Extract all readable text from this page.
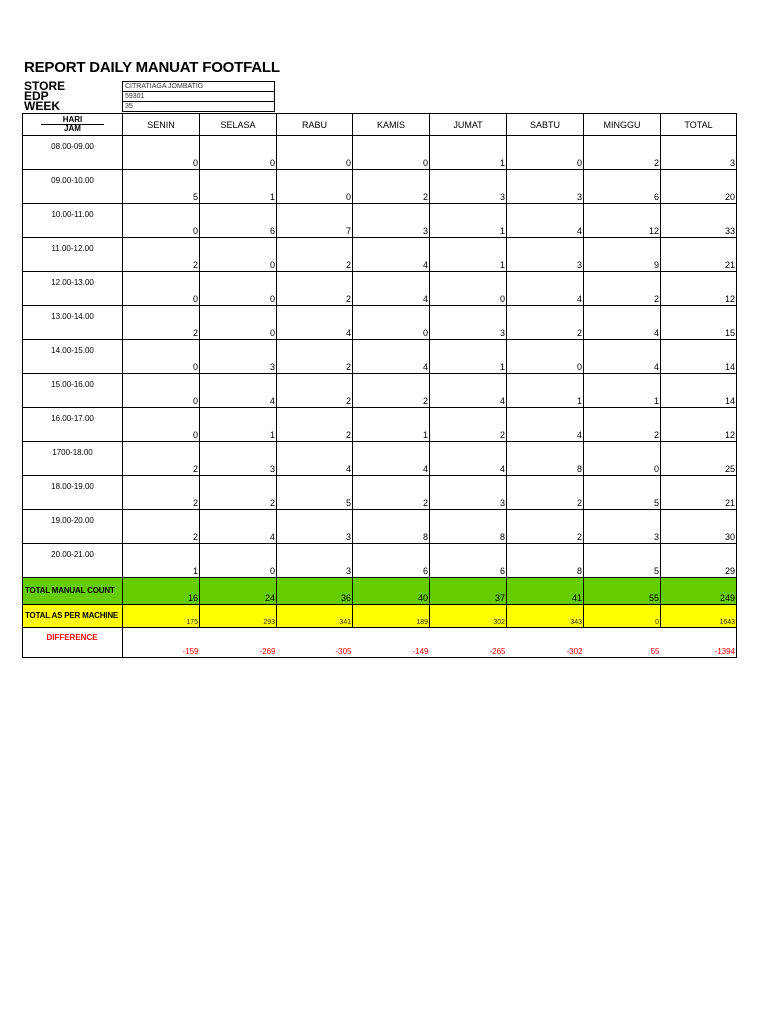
REPORT DAILY MANUAT FOOTFALL
STORE	CITRATIAGA JOMBATIG
EDP	59301
WEEK	35
HARI
JAM	SENIN	SELASA	RABU	KAMIS	JUMAT	SABTU	MINGGU	TOTAL
08.00-09.00	0	0	0	0	1	0	2	3
09.00-10.00	5	1	0	2	3	3	6	20
10.00-11.00	0	6	7	3	1	4	12	33
11.00-12.00	2	0	2	4	1	3	9	21
12.00-13.00	0	0	2	4	0	4	2	12
13.00-14.00	2	0	4	0	3	2	4	15
14.00-15.00	0	3	2	4	1	0	4	14
15.00-16.00	0	4	2	2	4	1	1	14
16.00-17.00	0	1	2	1	2	4	2	12
1700-18.00	2	3	4	4	4	8	0	25
18.00-19.00	2	2	5	2	3	2	5	21
19.00-20.00	2	4	3	8	8	2	3	30
20.00-21.00	1	0	3	6	6	8	5	29
TOTAL MANUAL COUNT	16	24	36	40	37	41	55	249
TOTAL AS PER MACHINE	175	293	341	189	302	343	0	1643
DIFFERENCE	-159	-269	-305	-149	-265	-302	55	-1394
